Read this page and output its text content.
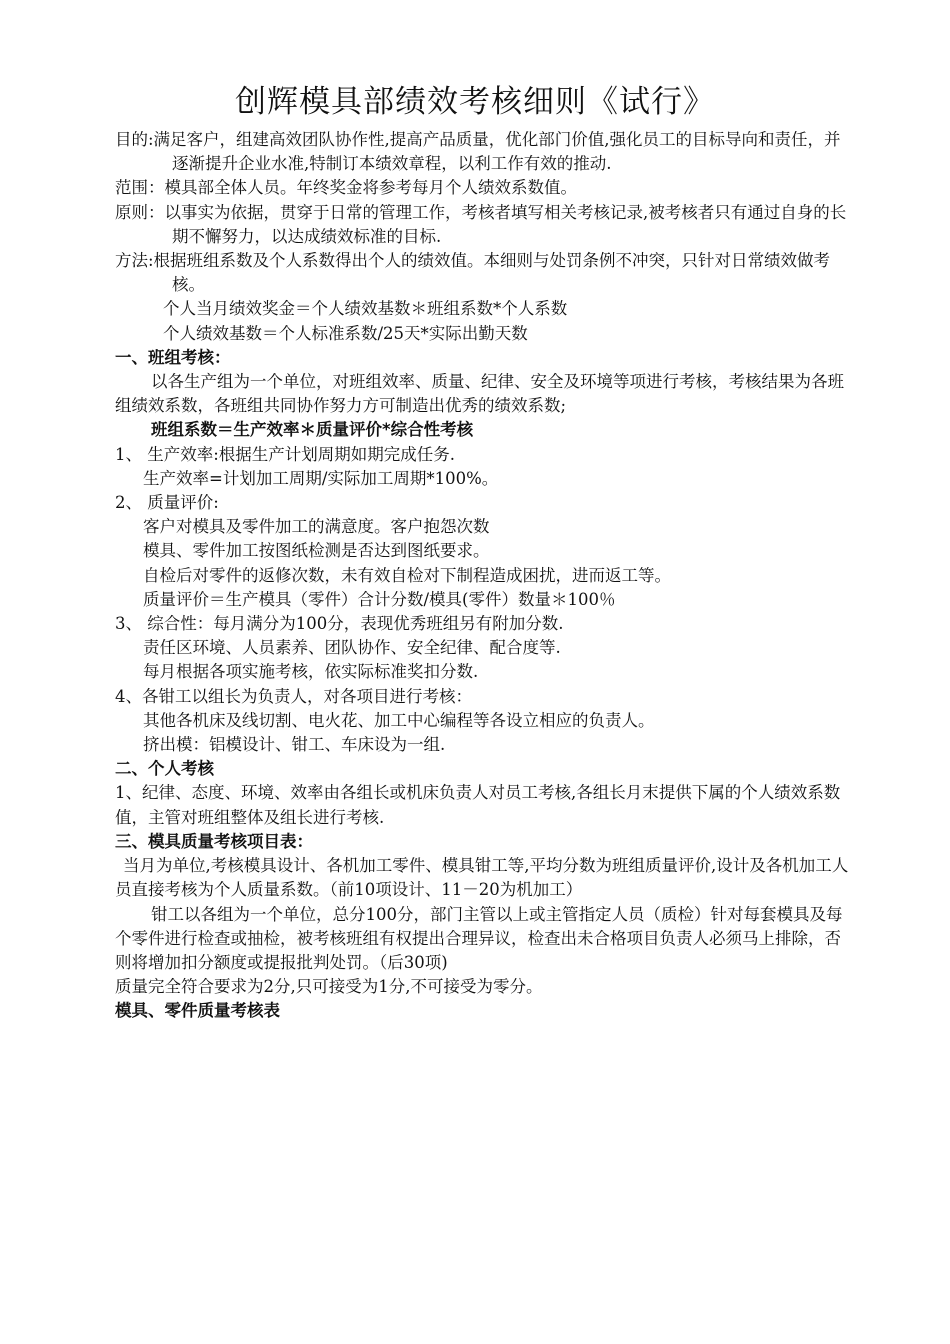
创辉模具部绩效考核细则《试行》

目的:满足客户，组建高效团队协作性,提高产品质量，优化部门价值,强化员工的目标导向和责任，并逐渐提升企业水准,特制订本绩效章程，以利工作有效的推动.

范围：模具部全体人员。年终奖金将参考每月个人绩效系数值。

原则：以事实为依据，贯穿于日常的管理工作，考核者填写相关考核记录,被考核者只有通过自身的长期不懈努力，以达成绩效标准的目标.

方法:根据班组系数及个人系数得出个人的绩效值。本细则与处罚条例不冲突，只针对日常绩效做考核。

个人当月绩效奖金＝个人绩效基数＊班组系数*个人系数

个人绩效基数＝个人标准系数/25天*实际出勤天数

一、班组考核：

以各生产组为一个单位，对班组效率、质量、纪律、安全及环境等项进行考核，考核结果为各班组绩效系数，各班组共同协作努力方可制造出优秀的绩效系数;

班组系数＝生产效率＊质量评价*综合性考核

1、 生产效率:根据生产计划周期如期完成任务.

生产效率=计划加工周期/实际加工周期*100%。

2、 质量评价:

客户对模具及零件加工的满意度。客户抱怨次数

模具、零件加工按图纸检测是否达到图纸要求。

自检后对零件的返修次数，未有效自检对下制程造成困扰，进而返工等。

质量评价＝生产模具（零件）合计分数/模具(零件）数量＊100％

3、 综合性：每月满分为100分，表现优秀班组另有附加分数.

责任区环境、人员素养、团队协作、安全纪律、配合度等.

每月根据各项实施考核，依实际标准奖扣分数.

4、各钳工以组长为负责人，对各项目进行考核：

其他各机床及线切割、电火花、加工中心编程等各设立相应的负责人。

挤出模：铝模设计、钳工、车床设为一组.

二、个人考核

1、纪律、态度、环境、效率由各组长或机床负责人对员工考核,各组长月末提供下属的个人绩效系数值，主管对班组整体及组长进行考核.

三、模具质量考核项目表：

当月为单位,考核模具设计、各机加工零件、模具钳工等,平均分数为班组质量评价,设计及各机加工人员直接考核为个人质量系数。（前10项设计、11－20为机加工）

钳工以各组为一个单位，总分100分，部门主管以上或主管指定人员（质检）针对每套模具及每个零件进行检查或抽检，被考核班组有权提出合理异议，检查出未合格项目负责人必须马上排除，否则将增加扣分额度或提报批判处罚。（后30项)

质量完全符合要求为2分,只可接受为1分,不可接受为零分。

模具、零件质量考核表
